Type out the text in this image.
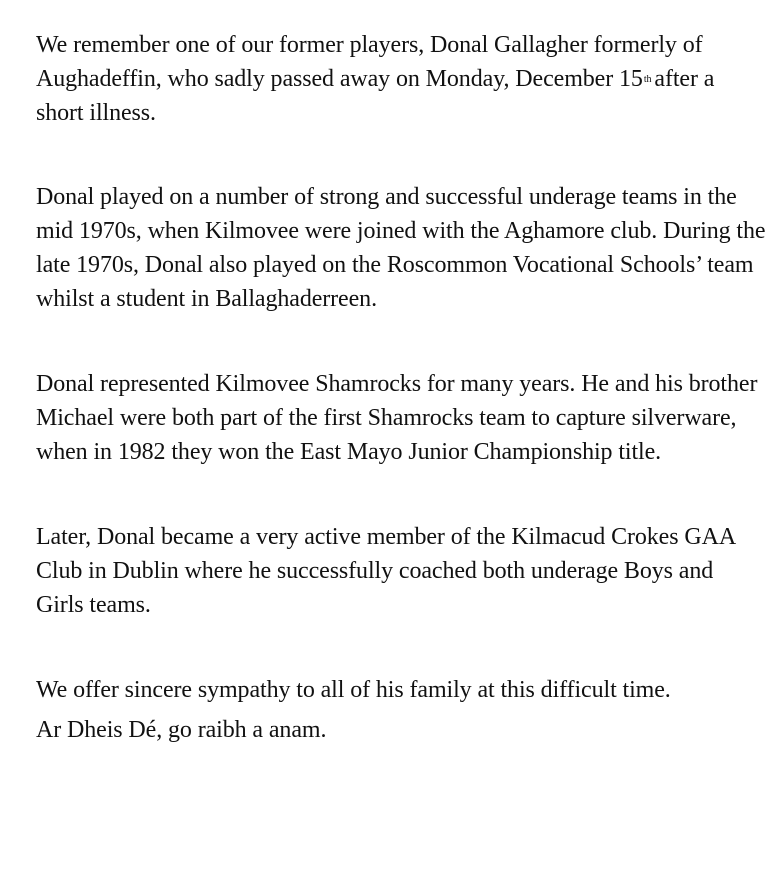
We remember one of our former players, Donal Gallagher formerly of Aughadeffin, who sadly passed away on Monday, December 15th after a short illness.

Donal played on a number of strong and successful underage teams in the mid 1970s, when Kilmovee were joined with the Aghamore club. During the late 1970s, Donal also played on the Roscommon Vocational Schools’ team whilst a student in Ballaghaderreen.

Donal represented Kilmovee Shamrocks for many years. He and his brother Michael were both part of the first Shamrocks team to capture silverware, when in 1982 they won the East Mayo Junior Championship title.

Later, Donal became a very active member of the Kilmacud Crokes GAA Club in Dublin where he successfully coached both underage Boys and Girls teams.

We offer sincere sympathy to all of his family at this difficult time.

Ar Dheis Dé, go raibh a anam.
